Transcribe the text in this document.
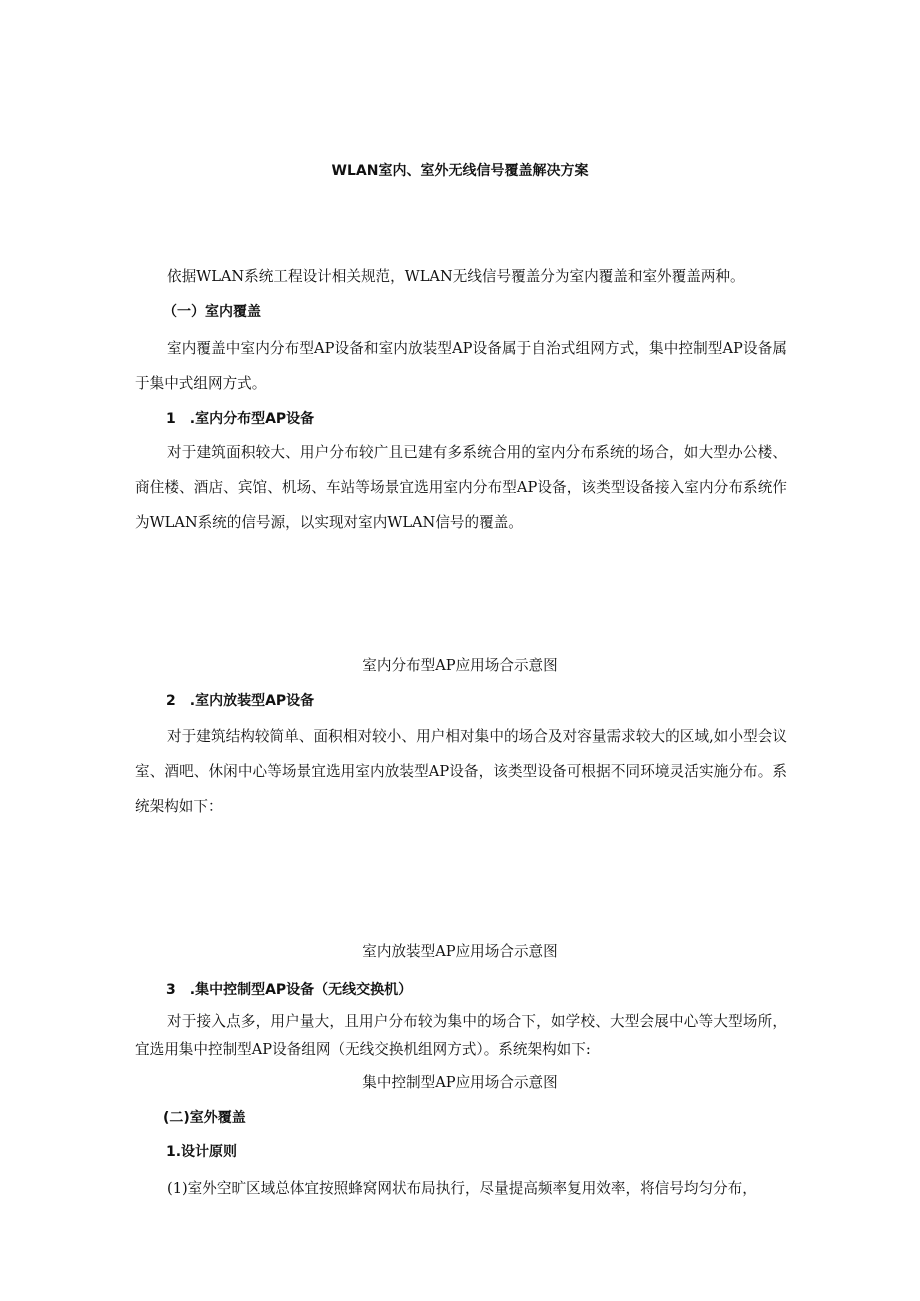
WLAN室内、室外无线信号覆盖解决方案

依据WLAN系统工程设计相关规范，WLAN无线信号覆盖分为室内覆盖和室外覆盖两种。

（一）室内覆盖

室内覆盖中室内分布型AP设备和室内放装型AP设备属于自治式组网方式，集中控制型AP设备属于集中式组网方式。

1 .室内分布型AP设备

对于建筑面积较大、用户分布较广且已建有多系统合用的室内分布系统的场合，如大型办公楼、商住楼、酒店、宾馆、机场、车站等场景宜选用室内分布型AP设备，该类型设备接入室内分布系统作为WLAN系统的信号源，以实现对室内WLAN信号的覆盖。

室内分布型AP应用场合示意图

2 .室内放装型AP设备

对于建筑结构较简单、面积相对较小、用户相对集中的场合及对容量需求较大的区域,如小型会议室、酒吧、休闲中心等场景宜选用室内放装型AP设备，该类型设备可根据不同环境灵活实施分布。系统架构如下：

室内放装型AP应用场合示意图

3 .集中控制型AP设备（无线交换机）

对于接入点多，用户量大，且用户分布较为集中的场合下，如学校、大型会展中心等大型场所，宜选用集中控制型AP设备组网（无线交换机组网方式）。系统架构如下:

集中控制型AP应用场合示意图

(二)室外覆盖
1.设计原则

(1)室外空旷区域总体宜按照蜂窝网状布局执行，尽量提高频率复用效率，将信号均匀分布，
